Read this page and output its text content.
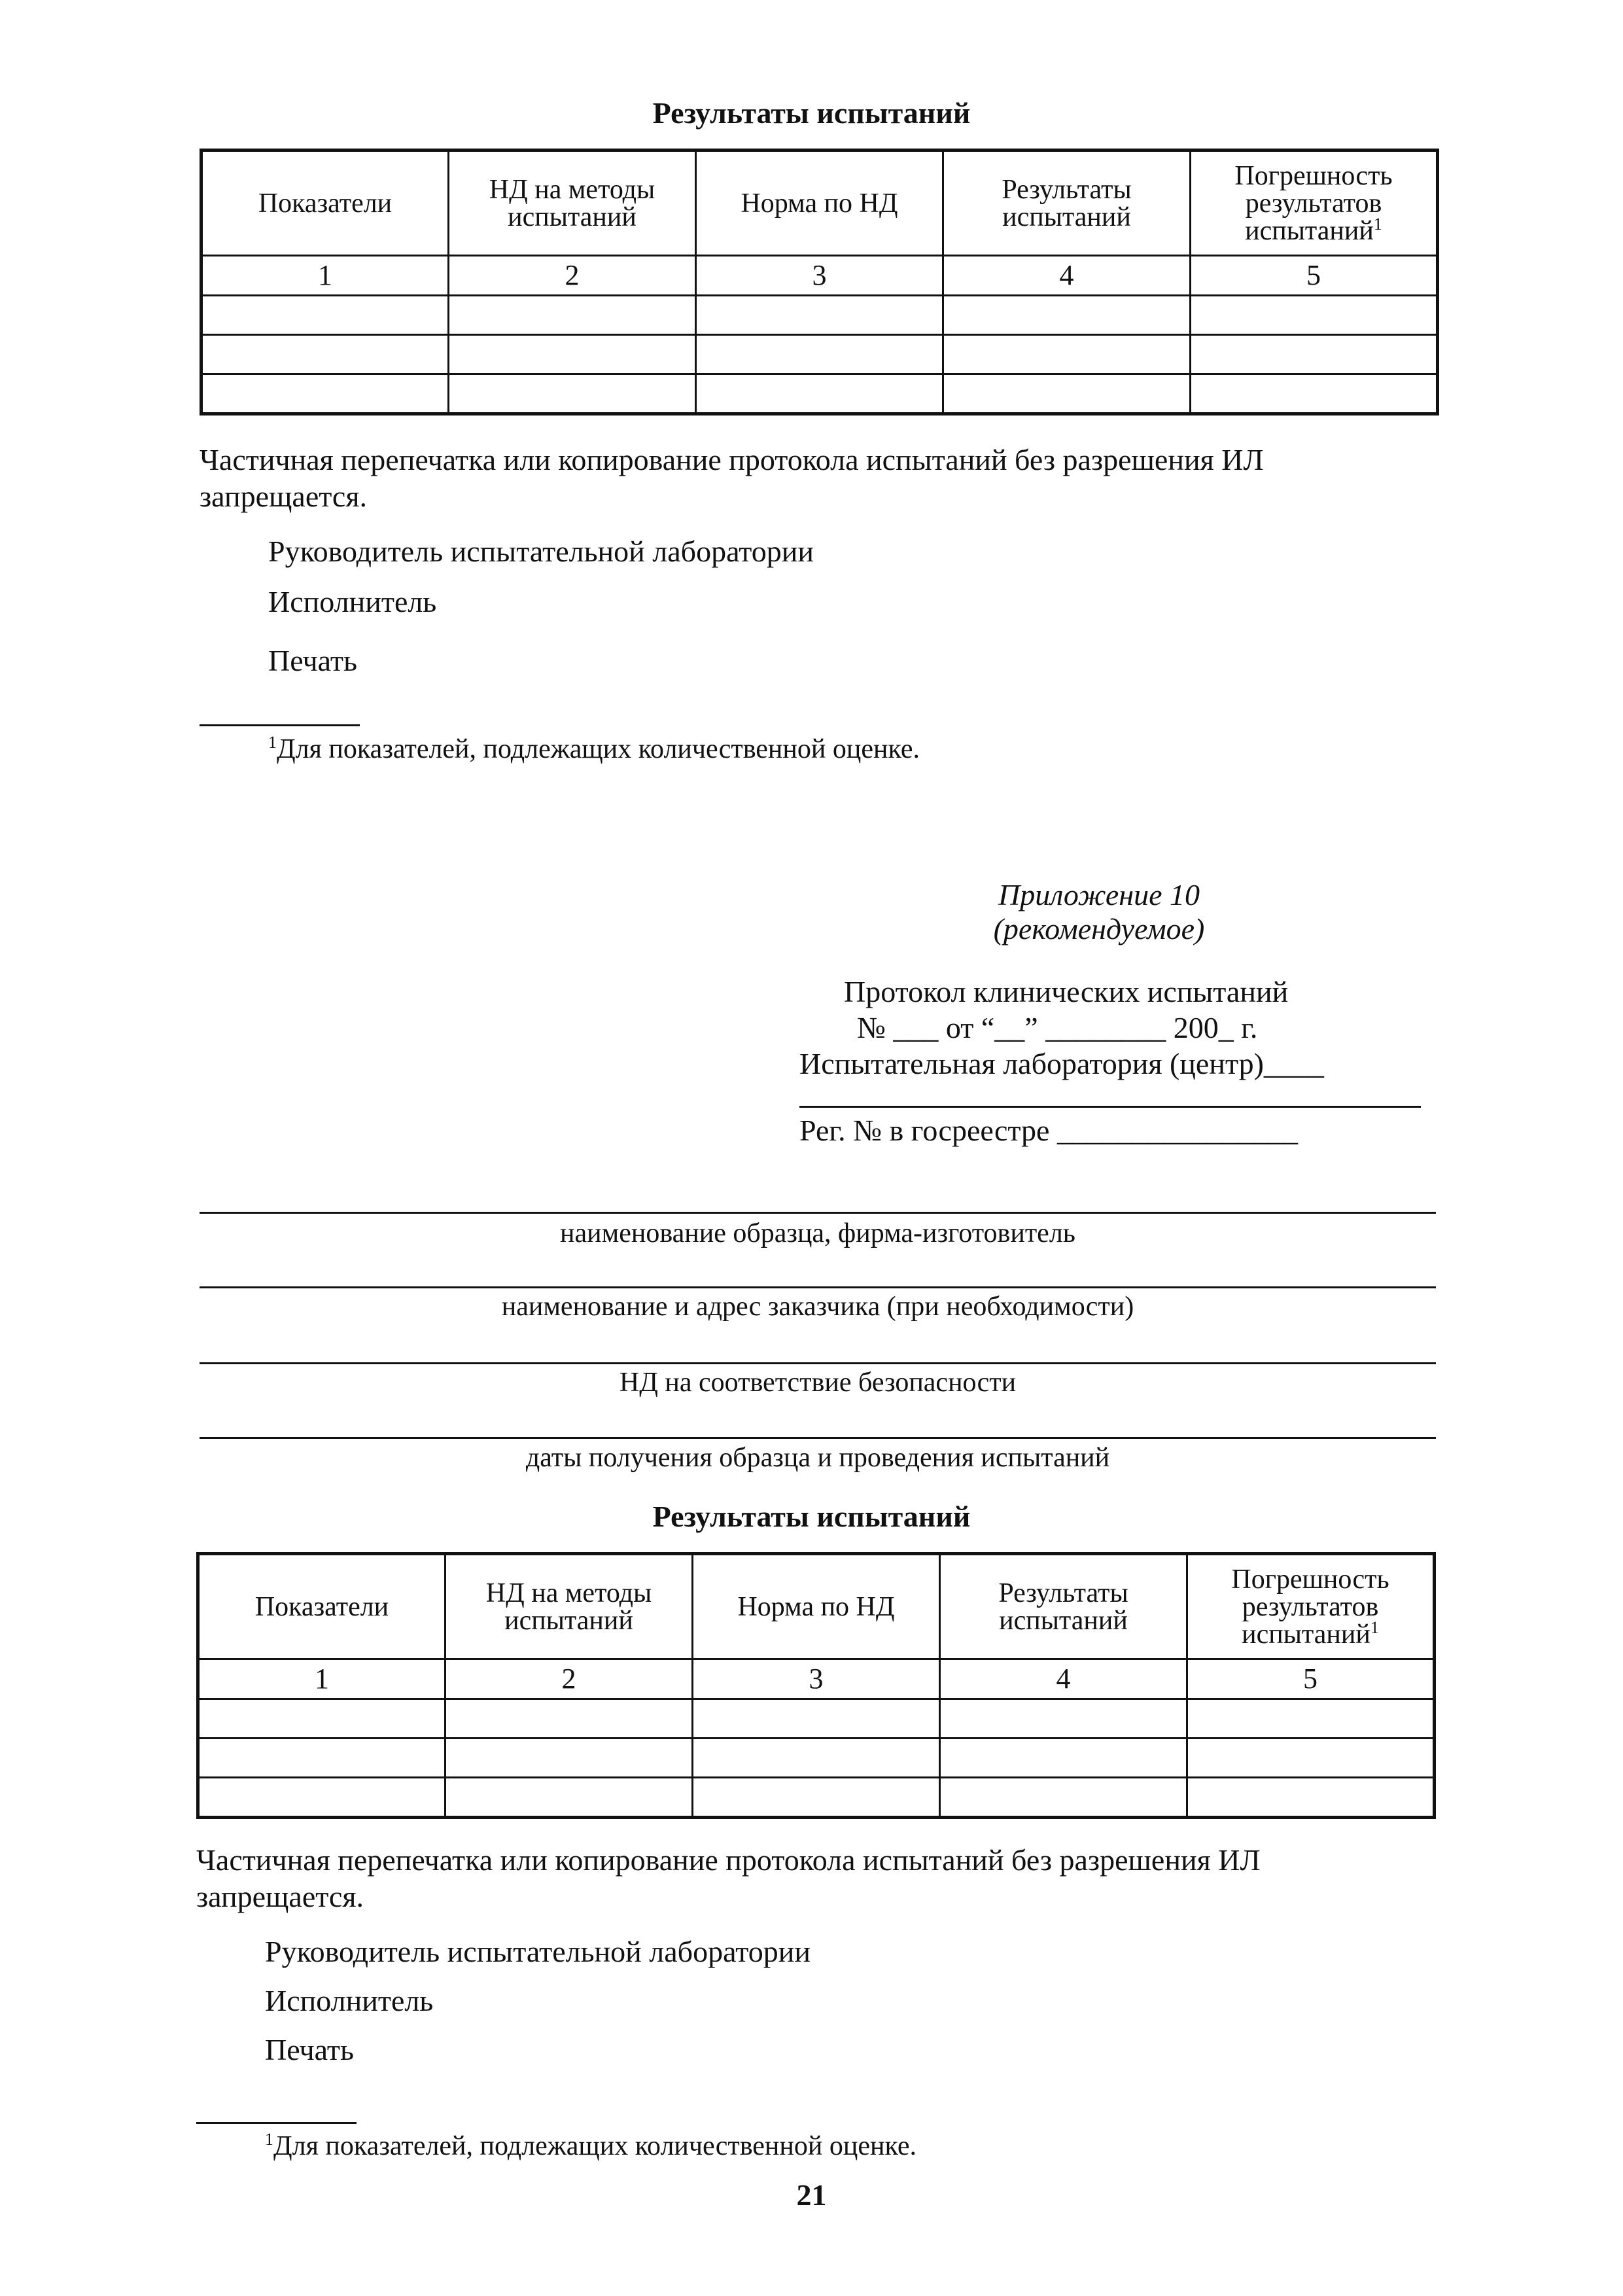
Результаты испытаний
Показатели	НД на методы испытаний	Норма по НД	Результаты испытаний	Погрешность результатов испытаний$^1$
1	2	3	4	5

Частичная перепечатка или копирование протокола испытаний без разрешения ИЛ запрещается.
Руководитель испытательной лаборатории
Исполнитель
Печать
$^1$Для показателей, подлежащих количественной оценке.
Приложение 10
(рекомендуемое)
Протокол клинических испытаний
№ ___ от “__” ________ 200_ г.
Испытательная лаборатория (центр)____
Рег. № в госреестре ________________
наименование образца, фирма-изготовитель
наименование и адрес заказчика (при необходимости)
НД на соответствие безопасности
даты получения образца и проведения испытаний
Результаты испытаний
Показатели	НД на методы испытаний	Норма по НД	Результаты испытаний	Погрешность результатов испытаний$^1$
1	2	3	4	5

Частичная перепечатка или копирование протокола испытаний без разрешения ИЛ запрещается.
Руководитель испытательной лаборатории
Исполнитель
Печать
$^1$Для показателей, подлежащих количественной оценке.
21
